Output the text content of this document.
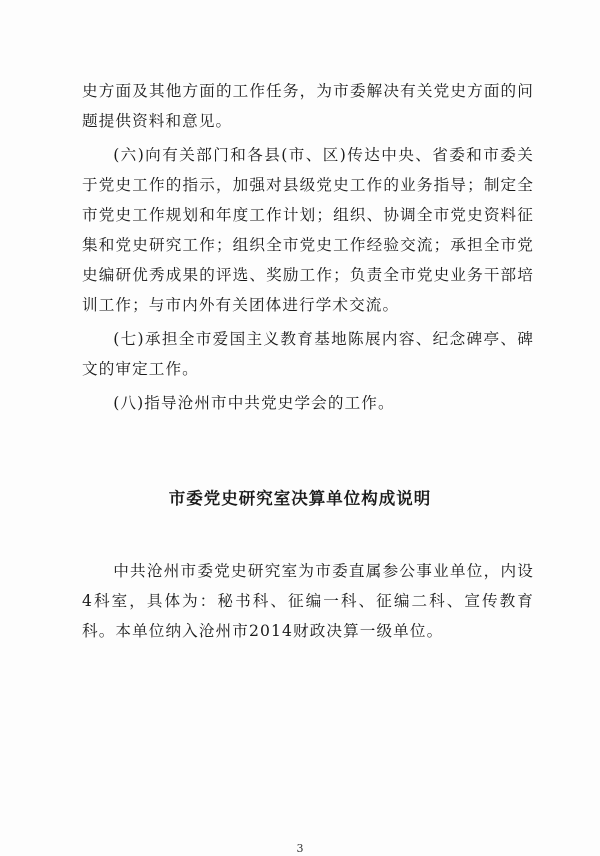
史方面及其他方面的工作任务，为市委解决有关党史方面的问题提供资料和意见。

(六)向有关部门和各县(市、区)传达中央、省委和市委关于党史工作的指示，加强对县级党史工作的业务指导；制定全市党史工作规划和年度工作计划；组织、协调全市党史资料征集和党史研究工作；组织全市党史工作经验交流；承担全市党史编研优秀成果的评选、奖励工作；负责全市党史业务干部培训工作；与市内外有关团体进行学术交流。

(七)承担全市爱国主义教育基地陈展内容、纪念碑亭、碑文的审定工作。

(八)指导沧州市中共党史学会的工作。

市委党史研究室决算单位构成说明

中共沧州市委党史研究室为市委直属参公事业单位，内设4科室，具体为：秘书科、征编一科、征编二科、宣传教育科。本单位纳入沧州市2014财政决算一级单位。

3
